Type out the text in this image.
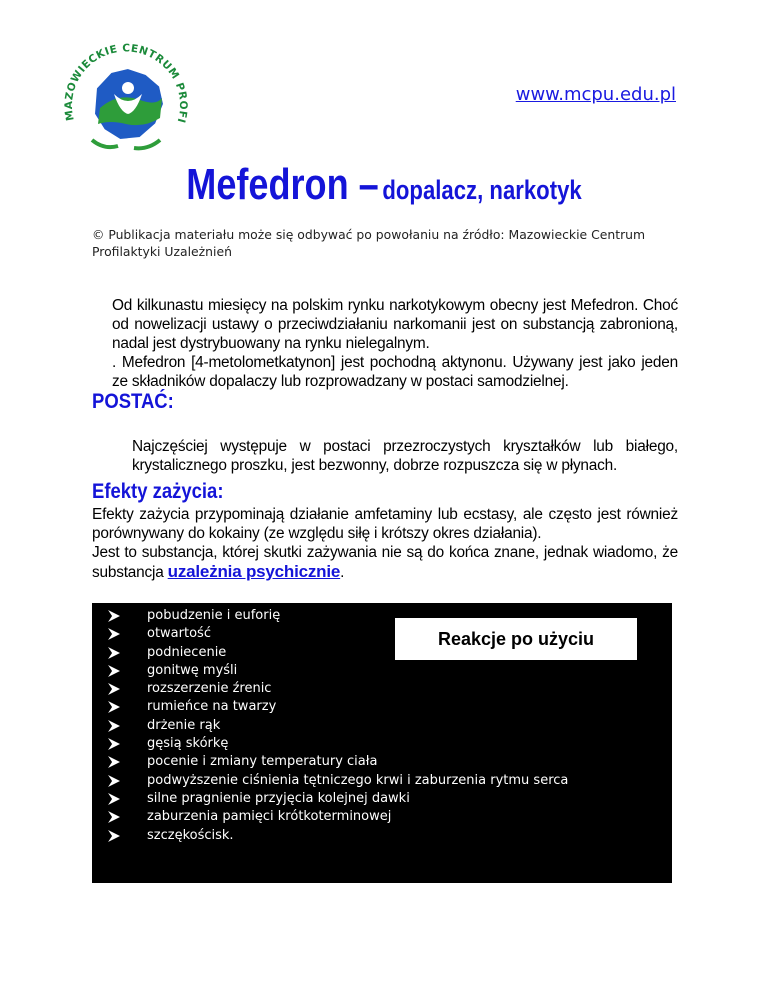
MAZOWIECKIE CENTRUM PROFI
www.mcpu.edu.pl
Mefedron – dopalacz, narkotyk
© Publikacja materiału może się odbywać po powołaniu na źródło: Mazowieckie Centrum Profilaktyki Uzależnień
Od kilkunastu miesięcy na polskim rynku narkotykowym obecny jest Mefedron. Choć od nowelizacji ustawy o przeciwdziałaniu narkomanii jest on substancją zabronioną, nadal jest dystrybuowany na rynku nielegalnym.
. Mefedron [4-metolometkatynon] jest pochodną aktynonu. Używany jest jako jeden ze składników dopalaczy lub rozprowadzany w postaci samodzielnej.
POSTAĆ:
Najczęściej występuje w postaci przezroczystych kryształków lub białego, krystalicznego proszku, jest bezwonny, dobrze rozpuszcza się w płynach.
Efekty zażycia:
Efekty zażycia przypominają działanie amfetaminy lub ecstasy, ale często jest również porównywany do kokainy (ze względu siłę i krótszy okres działania).
Jest to substancja, której skutki zażywania nie są do końca znane, jednak wiadomo, że substancja uzależnia psychicznie.
pobudzenie i euforię
otwartość
podniecenie
gonitwę myśli
rozszerzenie źrenic
rumieńce na twarzy
drżenie rąk
gęsią skórkę
pocenie i zmiany temperatury ciała
podwyższenie ciśnienia tętniczego krwi i zaburzenia rytmu serca
silne pragnienie przyjęcia kolejnej dawki
zaburzenia pamięci krótkoterminowej
szczękościsk.
Reakcje po użyciu
